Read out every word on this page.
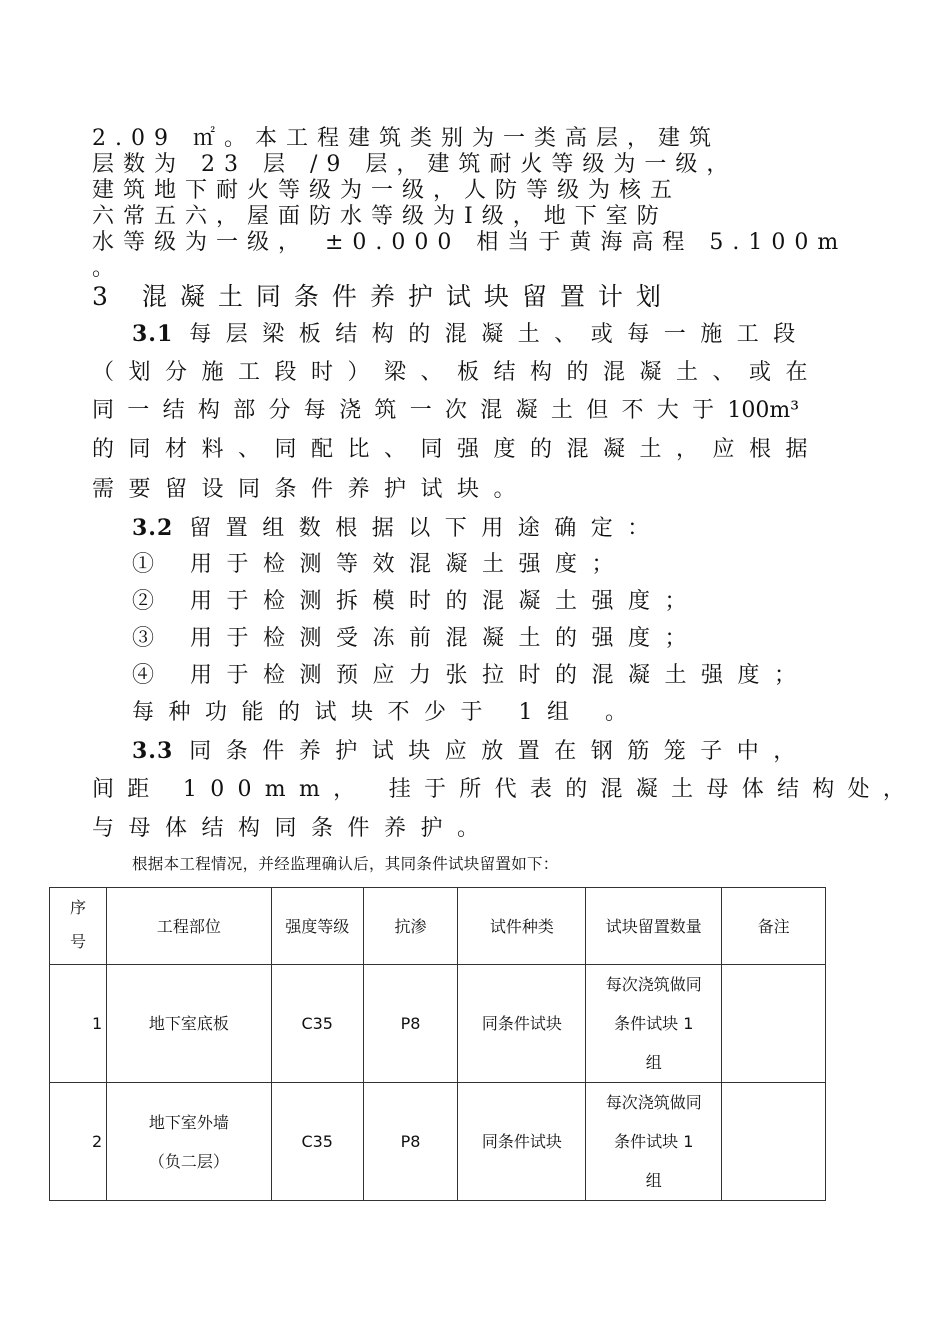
2.09 ㎡。本工程建筑类别为一类高层，建筑
层数为 23 层 /9 层，建筑耐火等级为一级，
建筑地下耐火等级为一级，人防等级为核五
六常五六，屋面防水等级为Ⅰ级，地下室防
水等级为一级， ±0.000 相当于黄海高程 5.100m
。
3 混凝土同条件养护试块留置计划
3.1 每层梁板结构的混凝土、或每一施工段
（划分施工段时）梁、板结构的混凝土、或在
同一结构部分每浇筑一次混凝土但不大于100m³
的同材料、同配比、同强度的混凝土，应根据
需要留设同条件养护试块。
3.2 留置组数根据以下用途确定：
① 用于检测等效混凝土强度；
② 用于检测拆模时的混凝土强度；
③ 用于检测受冻前混凝土的强度；
④ 用于检测预应力张拉时的混凝土强度；
每种功能的试块不少于 1组 。
3.3 同条件养护试块应放置在钢筋笼子中，
间距 100mm， 挂于所代表的混凝土母体结构处，
与母体结构同条件养护。
根据本工程情况，并经监理确认后，其同条件试块留置如下：
序
号	工程部位	强度等级	抗渗	试件种类	试块留置数量	备注
1	地下室底板	C35	P8	同条件试块	每次浇筑做同条件试块 1 组	
2	地下室外墙（负二层）	C35	P8	同条件试块	每次浇筑做同条件试块 1 组	
